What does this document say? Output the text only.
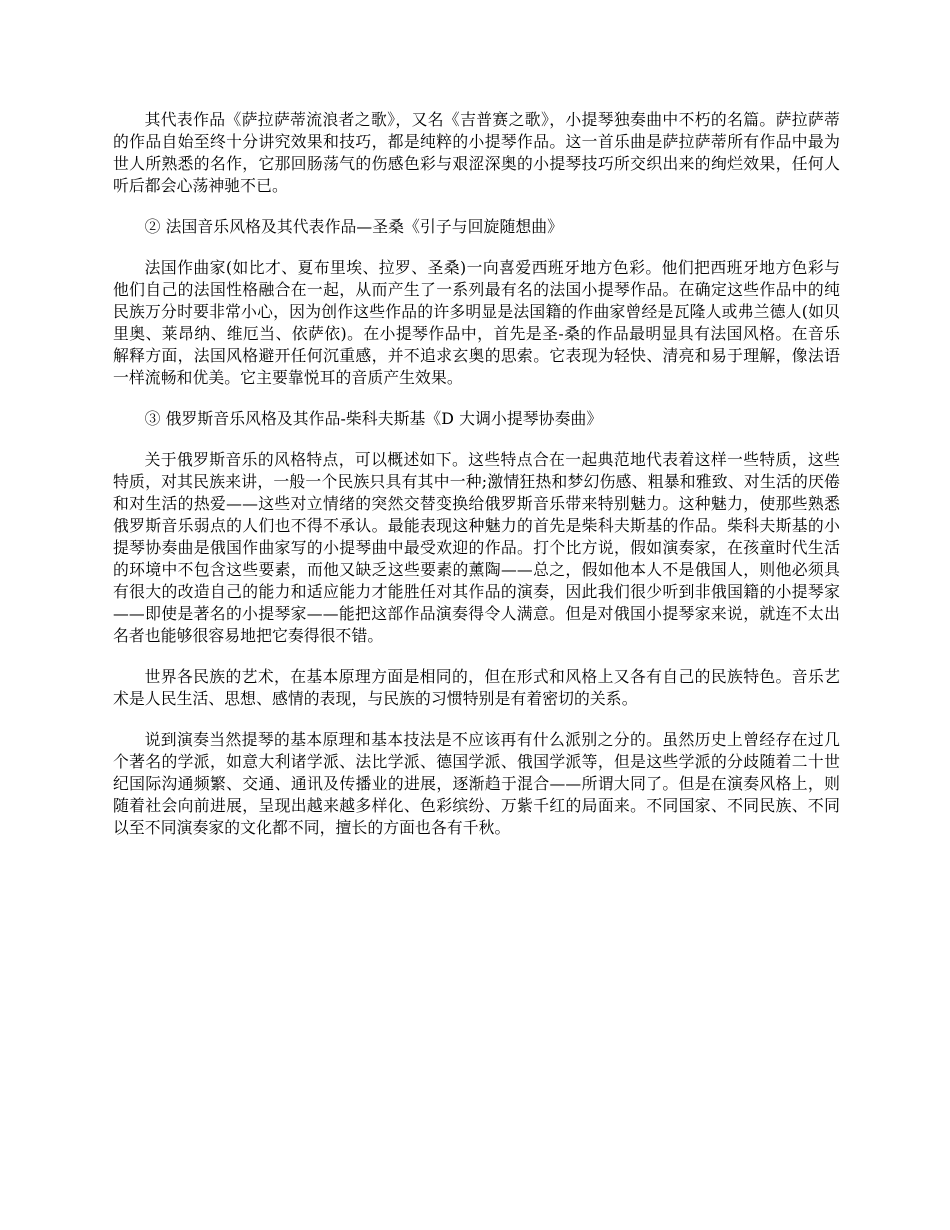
其代表作品《萨拉萨蒂流浪者之歌》，又名《吉普赛之歌》，小提琴独奏曲中不朽的名篇。萨拉萨蒂的作品自始至终十分讲究效果和技巧，都是纯粹的小提琴作品。这一首乐曲是萨拉萨蒂所有作品中最为世人所熟悉的名作，它那回肠荡气的伤感色彩与艰涩深奥的小提琴技巧所交织出来的绚烂效果，任何人听后都会心荡神驰不已。

② 法国音乐风格及其代表作品—圣桑《引子与回旋随想曲》

法国作曲家(如比才、夏布里埃、拉罗、圣桑)一向喜爱西班牙地方色彩。他们把西班牙地方色彩与他们自己的法国性格融合在一起，从而产生了一系列最有名的法国小提琴作品。在确定这些作品中的纯民族万分时要非常小心，因为创作这些作品的许多明显是法国籍的作曲家曾经是瓦隆人或弗兰德人(如贝里奥、莱昂纳、维厄当、依萨依)。在小提琴作品中，首先是圣-桑的作品最明显具有法国风格。在音乐解释方面，法国风格避开任何沉重感，并不追求玄奥的思索。它表现为轻快、清亮和易于理解，像法语一样流畅和优美。它主要靠悦耳的音质产生效果。

③ 俄罗斯音乐风格及其作品-柴科夫斯基《D 大调小提琴协奏曲》

关于俄罗斯音乐的风格特点，可以概述如下。这些特点合在一起典范地代表着这样一些特质，这些特质，对其民族来讲，一般一个民族只具有其中一种;激情狂热和梦幻伤感、粗暴和雅致、对生活的厌倦和对生活的热爱——这些对立情绪的突然交替变换给俄罗斯音乐带来特别魅力。这种魅力，使那些熟悉俄罗斯音乐弱点的人们也不得不承认。最能表现这种魅力的首先是柴科夫斯基的作品。柴科夫斯基的小提琴协奏曲是俄国作曲家写的小提琴曲中最受欢迎的作品。打个比方说，假如演奏家，在孩童时代生活的环境中不包含这些要素，而他又缺乏这些要素的薰陶——总之，假如他本人不是俄国人，则他必须具有很大的改造自己的能力和适应能力才能胜任对其作品的演奏，因此我们很少听到非俄国籍的小提琴家——即使是著名的小提琴家——能把这部作品演奏得令人满意。但是对俄国小提琴家来说，就连不太出名者也能够很容易地把它奏得很不错。

世界各民族的艺术，在基本原理方面是相同的，但在形式和风格上又各有自己的民族特色。音乐艺术是人民生活、思想、感情的表现，与民族的习惯特别是有着密切的关系。

说到演奏当然提琴的基本原理和基本技法是不应该再有什么派别之分的。虽然历史上曾经存在过几个著名的学派，如意大利诸学派、法比学派、德国学派、俄国学派等，但是这些学派的分歧随着二十世纪国际沟通频繁、交通、通讯及传播业的进展，逐渐趋于混合——所谓大同了。但是在演奏风格上，则随着社会向前进展，呈现出越来越多样化、色彩缤纷、万紫千红的局面来。不同国家、不同民族、不同以至不同演奏家的文化都不同，擅长的方面也各有千秋。
